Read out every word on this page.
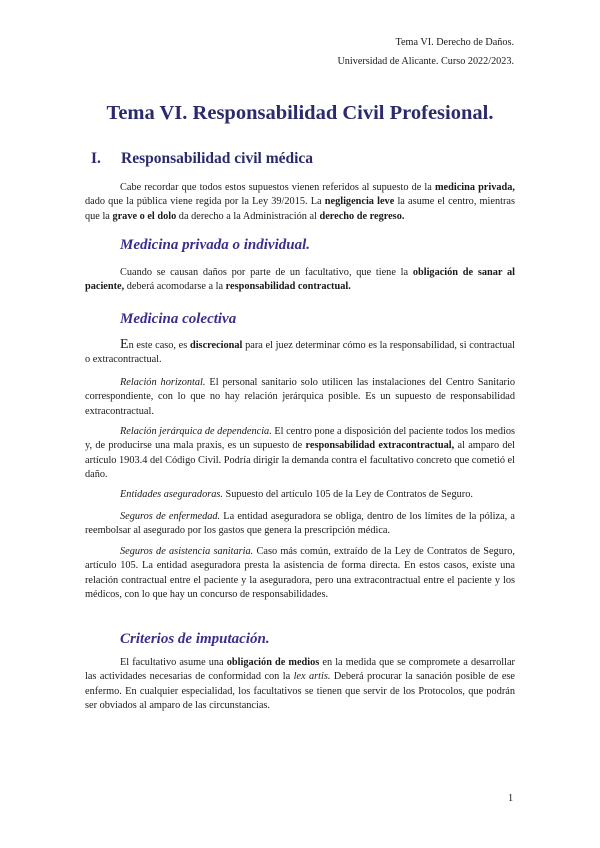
Tema VI. Derecho de Daños.
Universidad de Alicante. Curso 2022/2023.
Tema VI. Responsabilidad Civil Profesional.
I. Responsabilidad civil médica

Cabe recordar que todos estos supuestos vienen referidos al supuesto de la medicina privada, dado que la pública viene regida por la Ley 39/2015. La negligencia leve la asume el centro, mientras que la grave o el dolo da derecho a la Administración al derecho de regreso.

Medicina privada o individual.

Cuando se causan daños por parte de un facultativo, que tiene la obligación de sanar al paciente, deberá acomodarse a la responsabilidad contractual.

Medicina colectiva

En este caso, es discrecional para el juez determinar cómo es la responsabilidad, si contractual o extracontractual.

Relación horizontal. El personal sanitario solo utilicen las instalaciones del Centro Sanitario correspondiente, con lo que no hay relación jerárquica posible. Es un supuesto de responsabilidad extracontractual.

Relación jerárquica de dependencia. El centro pone a disposición del paciente todos los medios y, de producirse una mala praxis, es un supuesto de responsabilidad extracontractual, al amparo del artículo 1903.4 del Código Civil. Podría dirigir la demanda contra el facultativo concreto que cometió el daño.

Entidades aseguradoras. Supuesto del artículo 105 de la Ley de Contratos de Seguro.

Seguros de enfermedad. La entidad aseguradora se obliga, dentro de los límites de la póliza, a reembolsar al asegurado por los gastos que genera la prescripción médica.

Seguros de asistencia sanitaria. Caso más común, extraído de la Ley de Contratos de Seguro, artículo 105. La entidad aseguradora presta la asistencia de forma directa. En estos casos, existe una relación contractual entre el paciente y la aseguradora, pero una extracontractual entre el paciente y los médicos, con lo que hay un concurso de responsabilidades.

Criterios de imputación.

El facultativo asume una obligación de medios en la medida que se compromete a desarrollar las actividades necesarias de conformidad con la lex artis. Deberá procurar la sanación posible de ese enfermo. En cualquier especialidad, los facultativos se tienen que servir de los Protocolos, que podrán ser obviados al amparo de las circunstancias.

1
